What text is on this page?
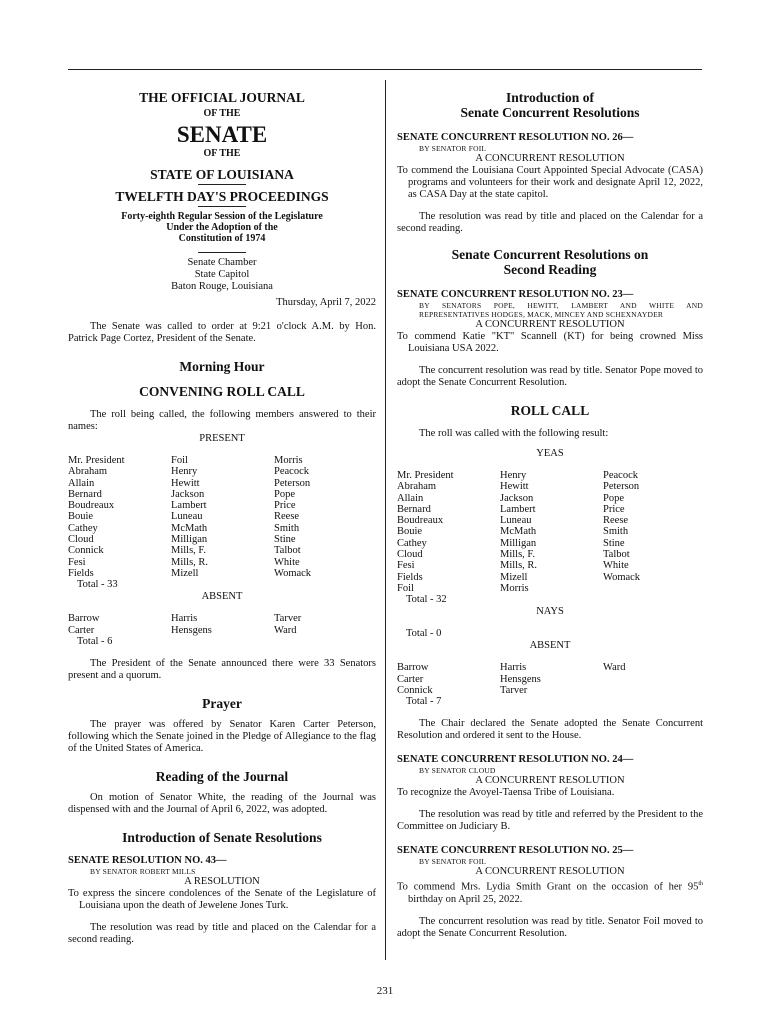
THE OFFICIAL JOURNAL
OF THE
SENATE
OF THE
STATE OF LOUISIANA
TWELFTH DAY'S PROCEEDINGS
Forty-eighth Regular Session of the Legislature
Under the Adoption of the
Constitution of 1974
Senate Chamber
State Capitol
Baton Rouge, Louisiana
Thursday, April 7, 2022

The Senate was called to order at 9:21 o'clock A.M. by Hon. Patrick Page Cortez, President of the Senate.

Morning Hour
CONVENING ROLL CALL

The roll being called, the following members answered to their names:

PRESENT
Mr. President	Foil	Morris
Abraham	Henry	Peacock
Allain	Hewitt	Peterson
Bernard	Jackson	Pope
Boudreaux	Lambert	Price
Bouie	Luneau	Reese
Cathey	McMath	Smith
Cloud	Milligan	Stine
Connick	Mills, F.	Talbot
Fesi	Mills, R.	White
Fields	Mizell	Womack
Total - 33
ABSENT
Barrow	Harris	Tarver
Carter	Hensgens	Ward
Total - 6

The President of the Senate announced there were 33 Senators present and a quorum.

Prayer

The prayer was offered by Senator Karen Carter Peterson, following which the Senate joined in the Pledge of Allegiance to the flag of the United States of America.

Reading of the Journal

On motion of Senator White, the reading of the Journal was dispensed with and the Journal of April 6, 2022, was adopted.

Introduction of Senate Resolutions
SENATE RESOLUTION NO. 43—
BY SENATOR ROBERT MILLS
A RESOLUTION

To express the sincere condolences of the Senate of the Legislature of Louisiana upon the death of Jewelene Jones Turk.

The resolution was read by title and placed on the Calendar for a second reading.

Introduction of
Senate Concurrent Resolutions
SENATE CONCURRENT RESOLUTION NO. 26—
BY SENATOR FOIL
A CONCURRENT RESOLUTION

To commend the Louisiana Court Appointed Special Advocate (CASA) programs and volunteers for their work and designate April 12, 2022, as CASA Day at the state capitol.

The resolution was read by title and placed on the Calendar for a second reading.

Senate Concurrent Resolutions on
Second Reading
SENATE CONCURRENT RESOLUTION NO. 23—
BY SENATORS POPE, HEWITT, LAMBERT AND WHITE AND REPRESENTATIVES HODGES, MACK, MINCEY AND SCHEXNAYDER
A CONCURRENT RESOLUTION

To commend Katie "KT" Scannell (KT) for being crowned Miss Louisiana USA 2022.

The concurrent resolution was read by title. Senator Pope moved to adopt the Senate Concurrent Resolution.

ROLL CALL

The roll was called with the following result:

YEAS
Mr. President	Henry	Peacock
Abraham	Hewitt	Peterson
Allain	Jackson	Pope
Bernard	Lambert	Price
Boudreaux	Luneau	Reese
Bouie	McMath	Smith
Cathey	Milligan	Stine
Cloud	Mills, F.	Talbot
Fesi	Mills, R.	White
Fields	Mizell	Womack
Foil	Morris
Total - 32
NAYS
Total - 0
ABSENT
Barrow	Harris	Ward
Carter	Hensgens
Connick	Tarver
Total - 7

The Chair declared the Senate adopted the Senate Concurrent Resolution and ordered it sent to the House.

SENATE CONCURRENT RESOLUTION NO. 24—
BY SENATOR CLOUD
A CONCURRENT RESOLUTION

To recognize the Avoyel-Taensa Tribe of Louisiana.

The resolution was read by title and referred by the President to the Committee on Judiciary B.

SENATE CONCURRENT RESOLUTION NO. 25—
BY SENATOR FOIL
A CONCURRENT RESOLUTION

To commend Mrs. Lydia Smith Grant on the occasion of her 95th birthday on April 25, 2022.

The concurrent resolution was read by title. Senator Foil moved to adopt the Senate Concurrent Resolution.

231
